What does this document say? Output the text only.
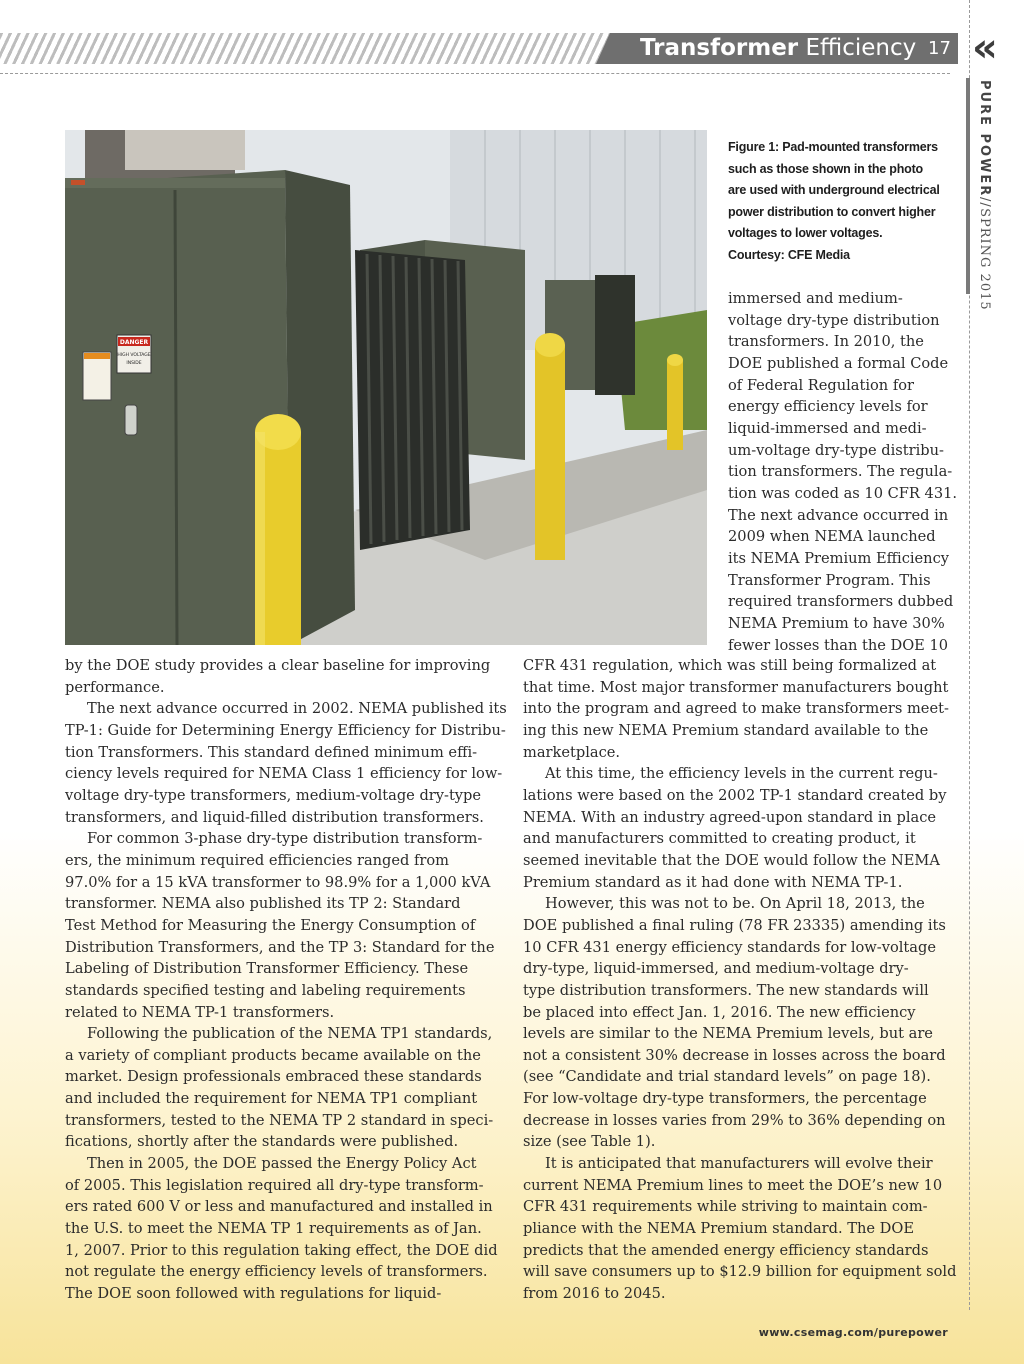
Transformer Efficiency 17 «
PURE POWER//SPRING 2015
DANGER
HIGH VOLTAGE
INSIDE
Figure 1: Pad-mounted transformers
such as those shown in the photo
are used with underground electrical
power distribution to convert higher
voltages to lower voltages.
Courtesy: CFE Media
immersed and medium-
voltage dry-type distribution
transformers. In 2010, the
DOE published a formal Code
of Federal Regulation for
energy efficiency levels for
liquid-immersed and medi-
um-voltage dry-type distribu-
tion transformers. The regula-
tion was coded as 10 CFR 431.
The next advance occurred in
2009 when NEMA launched
its NEMA Premium Efficiency
Transformer Program. This
required transformers dubbed
NEMA Premium to have 30%
fewer losses than the DOE 10
by the DOE study provides a clear baseline for improving
performance.
The next advance occurred in 2002. NEMA published its
TP-1: Guide for Determining Energy Efficiency for Distribu-
tion Transformers. This standard defined minimum effi-
ciency levels required for NEMA Class 1 efficiency for low-
voltage dry-type transformers, medium-voltage dry-type
transformers, and liquid-filled distribution transformers.
For common 3-phase dry-type distribution transform-
ers, the minimum required efficiencies ranged from
97.0% for a 15 kVA transformer to 98.9% for a 1,000 kVA
transformer. NEMA also published its TP 2: Standard
Test Method for Measuring the Energy Consumption of
Distribution Transformers, and the TP 3: Standard for the
Labeling of Distribution Transformer Efficiency. These
standards specified testing and labeling requirements
related to NEMA TP-1 transformers.
Following the publication of the NEMA TP1 standards,
a variety of compliant products became available on the
market. Design professionals embraced these standards
and included the requirement for NEMA TP1 compliant
transformers, tested to the NEMA TP 2 standard in speci-
fications, shortly after the standards were published.
Then in 2005, the DOE passed the Energy Policy Act
of 2005. This legislation required all dry-type transform-
ers rated 600 V or less and manufactured and installed in
the U.S. to meet the NEMA TP 1 requirements as of Jan.
1, 2007. Prior to this regulation taking effect, the DOE did
not regulate the energy efficiency levels of transformers.
The DOE soon followed with regulations for liquid-
CFR 431 regulation, which was still being formalized at
that time. Most major transformer manufacturers bought
into the program and agreed to make transformers meet-
ing this new NEMA Premium standard available to the
marketplace.
At this time, the efficiency levels in the current regu-
lations were based on the 2002 TP-1 standard created by
NEMA. With an industry agreed-upon standard in place
and manufacturers committed to creating product, it
seemed inevitable that the DOE would follow the NEMA
Premium standard as it had done with NEMA TP-1.
However, this was not to be. On April 18, 2013, the
DOE published a final ruling (78 FR 23335) amending its
10 CFR 431 energy efficiency standards for low-voltage
dry-type, liquid-immersed, and medium-voltage dry-
type distribution transformers. The new standards will
be placed into effect Jan. 1, 2016. The new efficiency
levels are similar to the NEMA Premium levels, but are
not a consistent 30% decrease in losses across the board
(see “Candidate and trial standard levels” on page 18).
For low-voltage dry-type transformers, the percentage
decrease in losses varies from 29% to 36% depending on
size (see Table 1).
It is anticipated that manufacturers will evolve their
current NEMA Premium lines to meet the DOE’s new 10
CFR 431 requirements while striving to maintain com-
pliance with the NEMA Premium standard. The DOE
predicts that the amended energy efficiency standards
will save consumers up to $12.9 billion for equipment sold
from 2016 to 2045.
www.csemag.com/purepower
